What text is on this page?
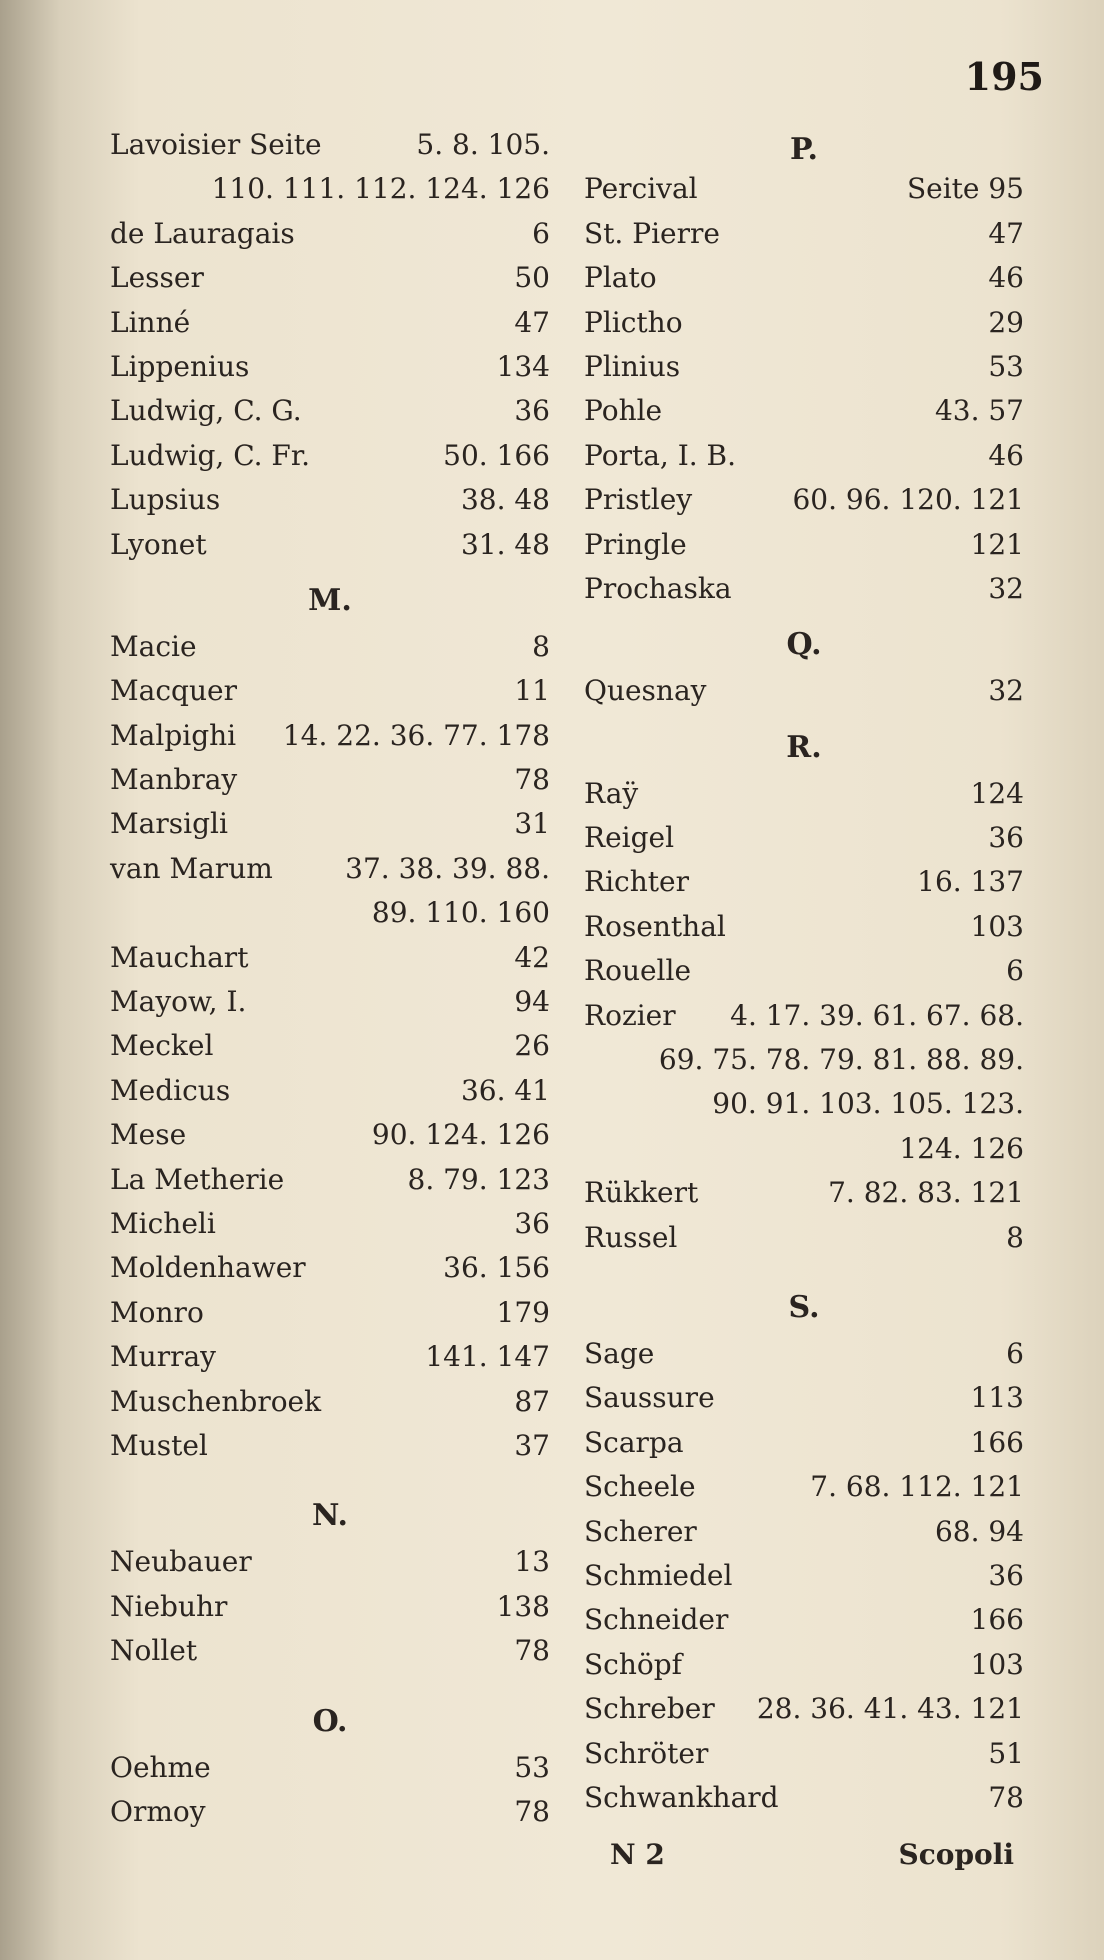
195
Lavoisier Seite	5. 8. 105.
110. 111. 112. 124. 126
de Lauragais	6
Lesser	50
Linné	47
Lippenius	134
Ludwig, C. G.	36
Ludwig, C. Fr.	50. 166
Lupsius	38. 48
Lyonet	31. 48
M.
Macie	8
Macquer	11
Malpighi 14. 22. 36. 77. 178
Manbray	78
Marsigli	31
van Marum	37. 38. 39. 88.
89. 110. 160
Mauchart	42
Mayow, I.	94
Meckel	26
Medicus	36. 41
Mese	90. 124. 126
La Metherie	8. 79. 123
Micheli	36
Moldenhawer	36. 156
Monro	179
Murray	141. 147
Muschenbroek	87
Mustel	37
N.
Neubauer	13
Niebuhr	138
Nollet	78
O.
Oehme	53
Ormoy	78
P.
Percival	Seite 95
St. Pierre	47
Plato	46
Plictho	29
Plinius	53
Pohle	43. 57
Porta, I. B.	46
Pristley	60. 96. 120. 121
Pringle	121
Prochaska	32
Q.
Quesnay	32
R.
Raÿ	124
Reigel	36
Richter	16. 137
Rosenthal	103
Rouelle	6
Rozier 4. 17. 39. 61. 67. 68.
69. 75. 78. 79. 81. 88. 89.
90. 91. 103. 105. 123.
124. 126
Rükkert	7. 82. 83. 121
Russel	8
S.
Sage	6
Saussure	113
Scarpa	166
Scheele	7. 68. 112. 121
Scherer	68. 94
Schmiedel	36
Schneider	166
Schöpf	103
Schreber 28. 36. 41. 43. 121
Schröter	51
Schwankhard	78
N 2	Scopoli
